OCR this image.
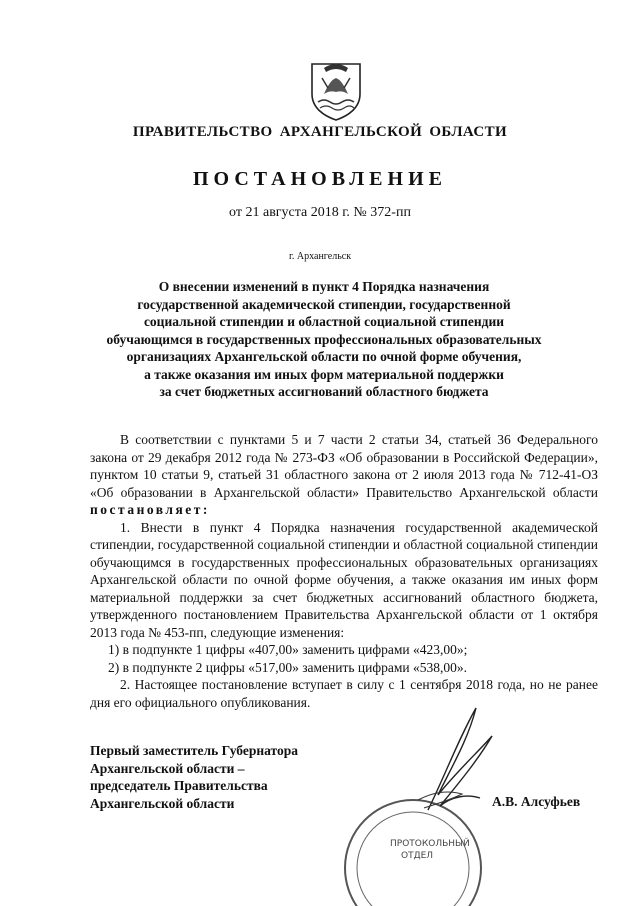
ПРАВИТЕЛЬСТВО АРХАНГЕЛЬСКОЙ ОБЛАСТИ
ПОСТАНОВЛЕНИЕ
от 21 августа 2018 г. № 372-пп
г. Архангельск
О внесении изменений в пункт 4 Порядка назначения
государственной академической стипендии, государственной
социальной стипендии и областной социальной стипендии
обучающимся в государственных профессиональных образовательных
организациях Архангельской области по очной форме обучения,
а также оказания им иных форм материальной поддержки
за счет бюджетных ассигнований областного бюджета

В соответствии с пунктами 5 и 7 части 2 статьи 34, статьей 36 Федерального закона от 29 декабря 2012 года № 273-ФЗ «Об образовании в Российской Федерации», пунктом 10 статьи 9, статьей 31 областного закона от 2 июля 2013 года № 712-41-ОЗ «Об образовании в Архангельской области» Правительство Архангельской области постановляет:

1. Внести в пункт 4 Порядка назначения государственной академической стипендии, государственной социальной стипендии и областной социальной стипендии обучающимся в государственных профессиональных образовательных организациях Архангельской области по очной форме обучения, а также оказания им иных форм материальной поддержки за счет бюджетных ассигнований областного бюджета, утвержденного постановлением Правительства Архангельской области от 1 октября 2013 года № 453-пп, следующие изменения:

1) в подпункте 1 цифры «407,00» заменить цифрами «423,00»;

2) в подпункте 2 цифры «517,00» заменить цифрами «538,00».

2. Настоящее постановление вступает в силу с 1 сентября 2018 года, но не ранее дня его официального опубликования.

ПРОТОКОЛЬНЫЙ
ОТДЕЛ
Первый заместитель Губернатора
Архангельской области –
председатель Правительства
Архангельской области	А.В. Алсуфьев
